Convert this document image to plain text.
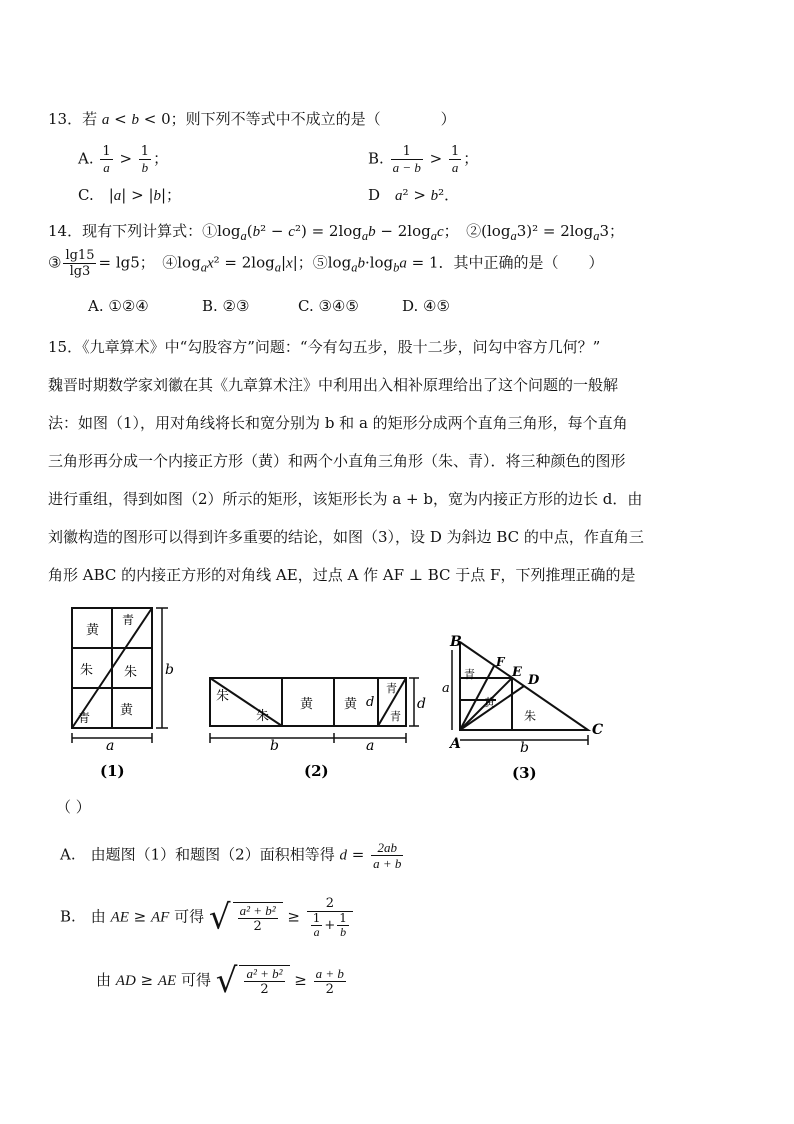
13．若 a < b < 0；则下列不等式中不成立的是（　　　　）
A. $\frac{1}{a} > \frac{1}{b}$ ；	B. $\frac{1}{a - b} > \frac{1}{a}$ ；
C.　|a| > |b|；	D　 a² > b²．
14．现有下列计算式：$①\log_a(b^2 - c^2) = 2\log_ab - 2\log_ac$；　$②(\log_a3)^2 = 2\log_a3$；
③ $\frac{\lg 15}{\lg 3} = \lg 5$；　$④\log_ax^2 = 2\log_a|x|$；$⑤\log_ab\cdot\log_ba = 1$．其中正确的是（　　）
A. ①②④	B. ②③	C. ③④⑤	D. ④⑤
15．《九章算术》中“勾股容方”问题：“今有勾五步，股十二步，问勾中容方几何？”
魏晋时期数学家刘徽在其《九章算术注》中利用出入相补原理给出了这个问题的一般解
法：如图（1），用对角线将长和宽分别为 b 和 a 的矩形分成两个直角三角形，每个直角
三角形再分成一个内接正方形（黄）和两个小直角三角形（朱、青）．将三种颜色的图形
进行重组，得到如图（2）所示的矩形，该矩形长为 a + b，宽为内接正方形的边长 d．由
刘徽构造的图形可以得到许多重要的结论，如图（3），设 D 为斜边 BC 的中点，作直角三
角形 ABC 的内接正方形的对角线 AE，过点 A 作 AF ⊥ BC 于点 F，下列推理正确的是
黄
青
朱 朱
青 黄
b
a
(1)
朱
朱
黄 黄
青
青
d	d
b	a
(2)
B
A
C
D
E
F
a
b
青
黄
朱
(3)
（ ）
A.　由题图（1）和题图（2）面积相等得 $d = \frac{2ab}{a + b}$
B.　由 AE ≥ AF 可得 √ $\frac{\text{a² + b²}}{2} \ge \frac{2}{\frac{1}{a} + \frac{1}{b}}$
由 AD ≥ AE 可得 √ $\frac{\text{a² + b²}}{2} \ge \frac{a + b}{2}$
